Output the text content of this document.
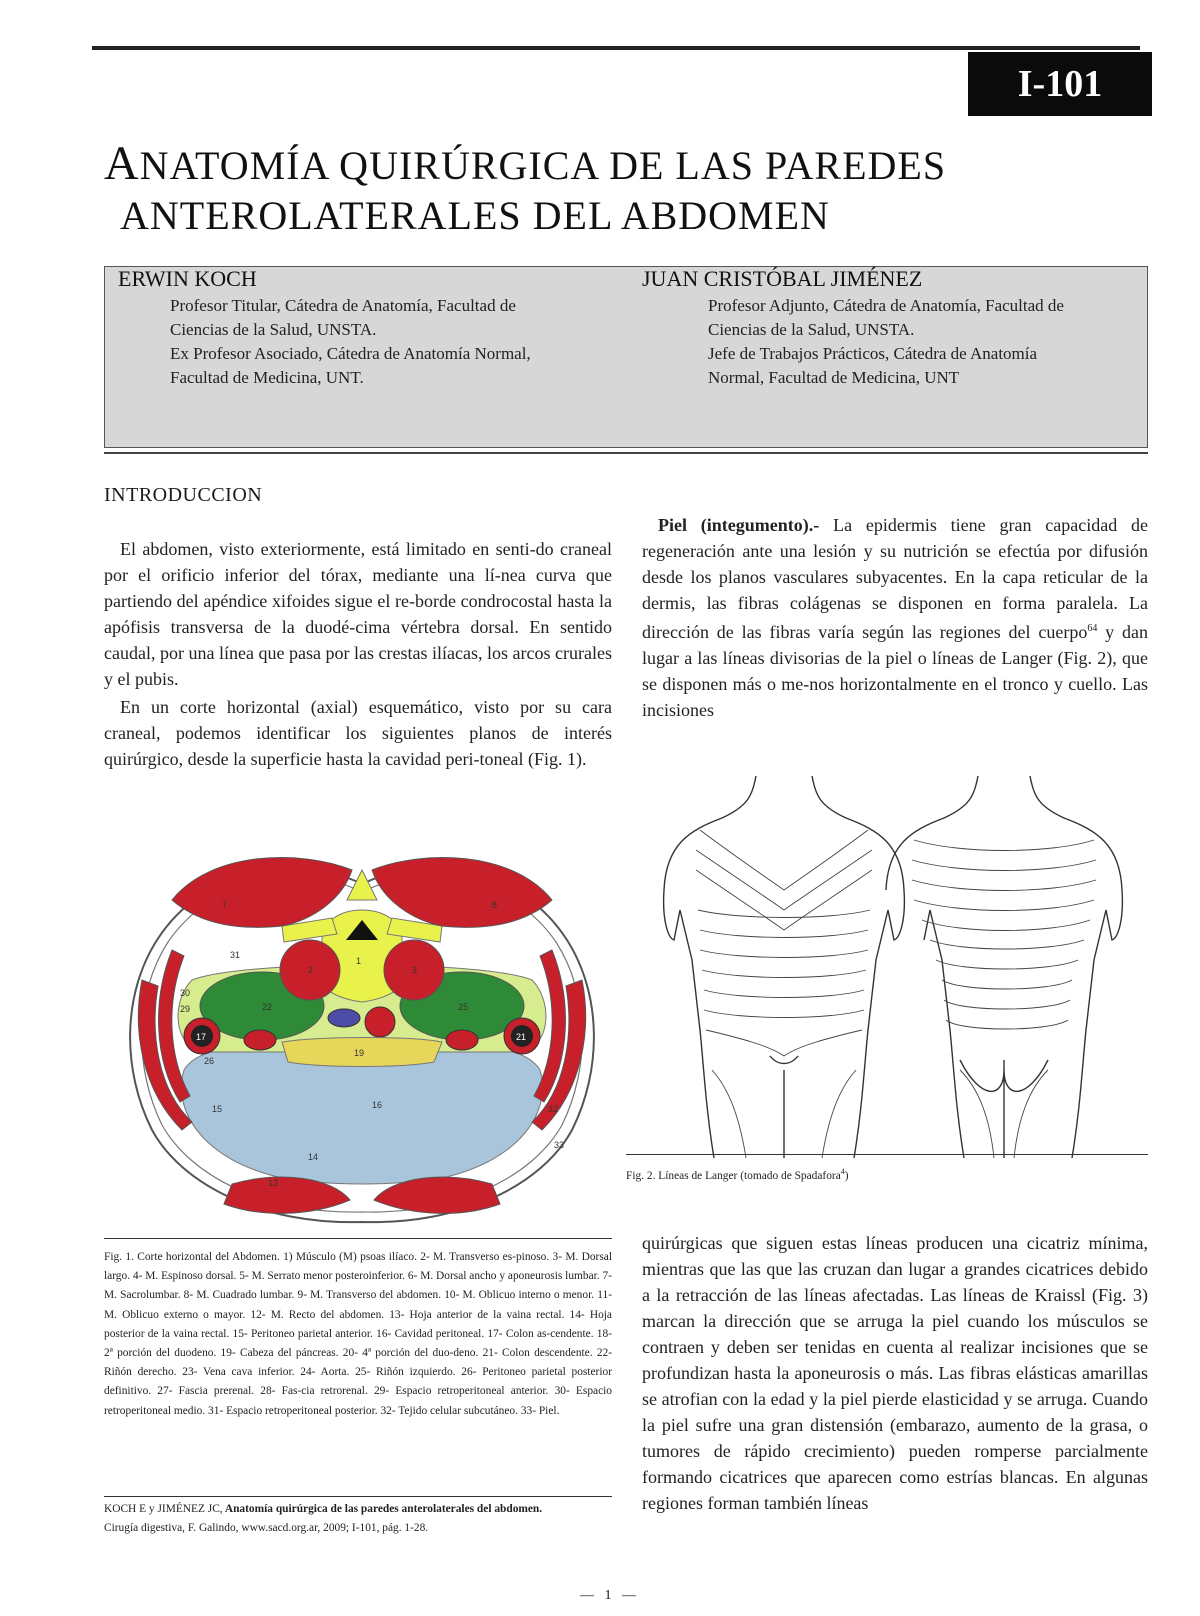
I-101
ANATOMÍA QUIRÚRGICA DE LAS PAREDES
ANTEROLATERALES DEL ABDOMEN
ERWIN KOCH
Profesor Titular, Cátedra de Anatomía, Facultad de
Ciencias de la Salud, UNSTA.
Ex Profesor Asociado, Cátedra de Anatomía Normal,
Facultad de Medicina, UNT.
JUAN CRISTÓBAL JIMÉNEZ
Profesor Adjunto, Cátedra de Anatomía, Facultad de
Ciencias de la Salud, UNSTA.
Jefe de Trabajos Prácticos, Cátedra de Anatomía
Normal, Facultad de Medicina, UNT
INTRODUCCION

El abdomen, visto exteriormente, está limitado en senti-do craneal por el orificio inferior del tórax, mediante una lí-nea curva que partiendo del apéndice xifoides sigue el re-borde condrocostal hasta la apófisis transversa de la duodé-cima vértebra dorsal. En sentido caudal, por una línea que pasa por las crestas ilíacas, los arcos crurales y el pubis.

En un corte horizontal (axial) esquemático, visto por su cara craneal, podemos identificar los siguientes planos de interés quirúrgico, desde la superficie hasta la cavidad peri-toneal (Fig. 1).

1
2	3
7	8
22	25
16
19
17	21
30
29
31
26
15	32
33
14
13
Fig. 1. Corte horizontal del Abdomen. 1) Músculo (M) psoas ilíaco. 2- M. Transverso es-pinoso. 3- M. Dorsal largo. 4- M. Espinoso dorsal. 5- M. Serrato menor posteroinferior. 6- M. Dorsal ancho y aponeurosis lumbar. 7- M. Sacrolumbar. 8- M. Cuadrado lumbar. 9- M. Transverso del abdomen. 10- M. Oblicuo interno o menor. 11- M. Oblicuo externo o mayor. 12- M. Recto del abdomen. 13- Hoja anterior de la vaina rectal. 14- Hoja posterior de la vaina rectal. 15- Peritoneo parietal anterior. 16- Cavidad peritoneal. 17- Colon as-cendente. 18- 2ª porción del duodeno. 19- Cabeza del páncreas. 20- 4ª porción del duo-deno. 21- Colon descendente. 22- Riñón derecho. 23- Vena cava inferior. 24- Aorta. 25- Riñón izquierdo. 26- Peritoneo parietal posterior definitivo. 27- Fascia prerenal. 28- Fas-cia retrorenal. 29- Espacio retroperitoneal anterior. 30- Espacio retroperitoneal medio. 31- Espacio retroperitoneal posterior. 32- Tejido celular subcutáneo. 33- Piel.
KOCH E y JIMÉNEZ JC, Anatomía quirúrgica de las paredes anterolaterales del abdomen.
Cirugía digestiva, F. Galindo, www.sacd.org.ar, 2009; I-101, pág. 1-28.

Piel (integumento).- La epidermis tiene gran capacidad de regeneración ante una lesión y su nutrición se efectúa por difusión desde los planos vasculares subyacentes. En la capa reticular de la dermis, las fibras colágenas se disponen en forma paralela. La dirección de las fibras varía según las regiones del cuerpo$^{64}$ y dan lugar a las líneas divisorias de la piel o líneas de Langer (Fig. 2), que se disponen más o me-nos horizontalmente en el tronco y cuello. Las incisiones

Fig. 2. Líneas de Langer (tomado de Spadafora$^4$)
quirúrgicas que siguen estas líneas producen una cicatriz mínima, mientras que las que las cruzan dan lugar a grandes cicatrices debido a la retracción de las líneas afectadas. Las líneas de Kraissl (Fig. 3) marcan la dirección que se arruga la piel cuando los músculos se contraen y deben ser tenidas en cuenta al realizar incisiones que se profundizan hasta la aponeurosis o más. Las fibras elásticas amarillas se atrofian con la edad y la piel pierde elasticidad y se arruga. Cuando la piel sufre una gran distensión (embarazo, aumento de la grasa, o tumores de rápido crecimiento) pueden romperse parcialmente formando cicatrices que aparecen como estrías blancas. En algunas regiones forman también líneas
— 1 —
